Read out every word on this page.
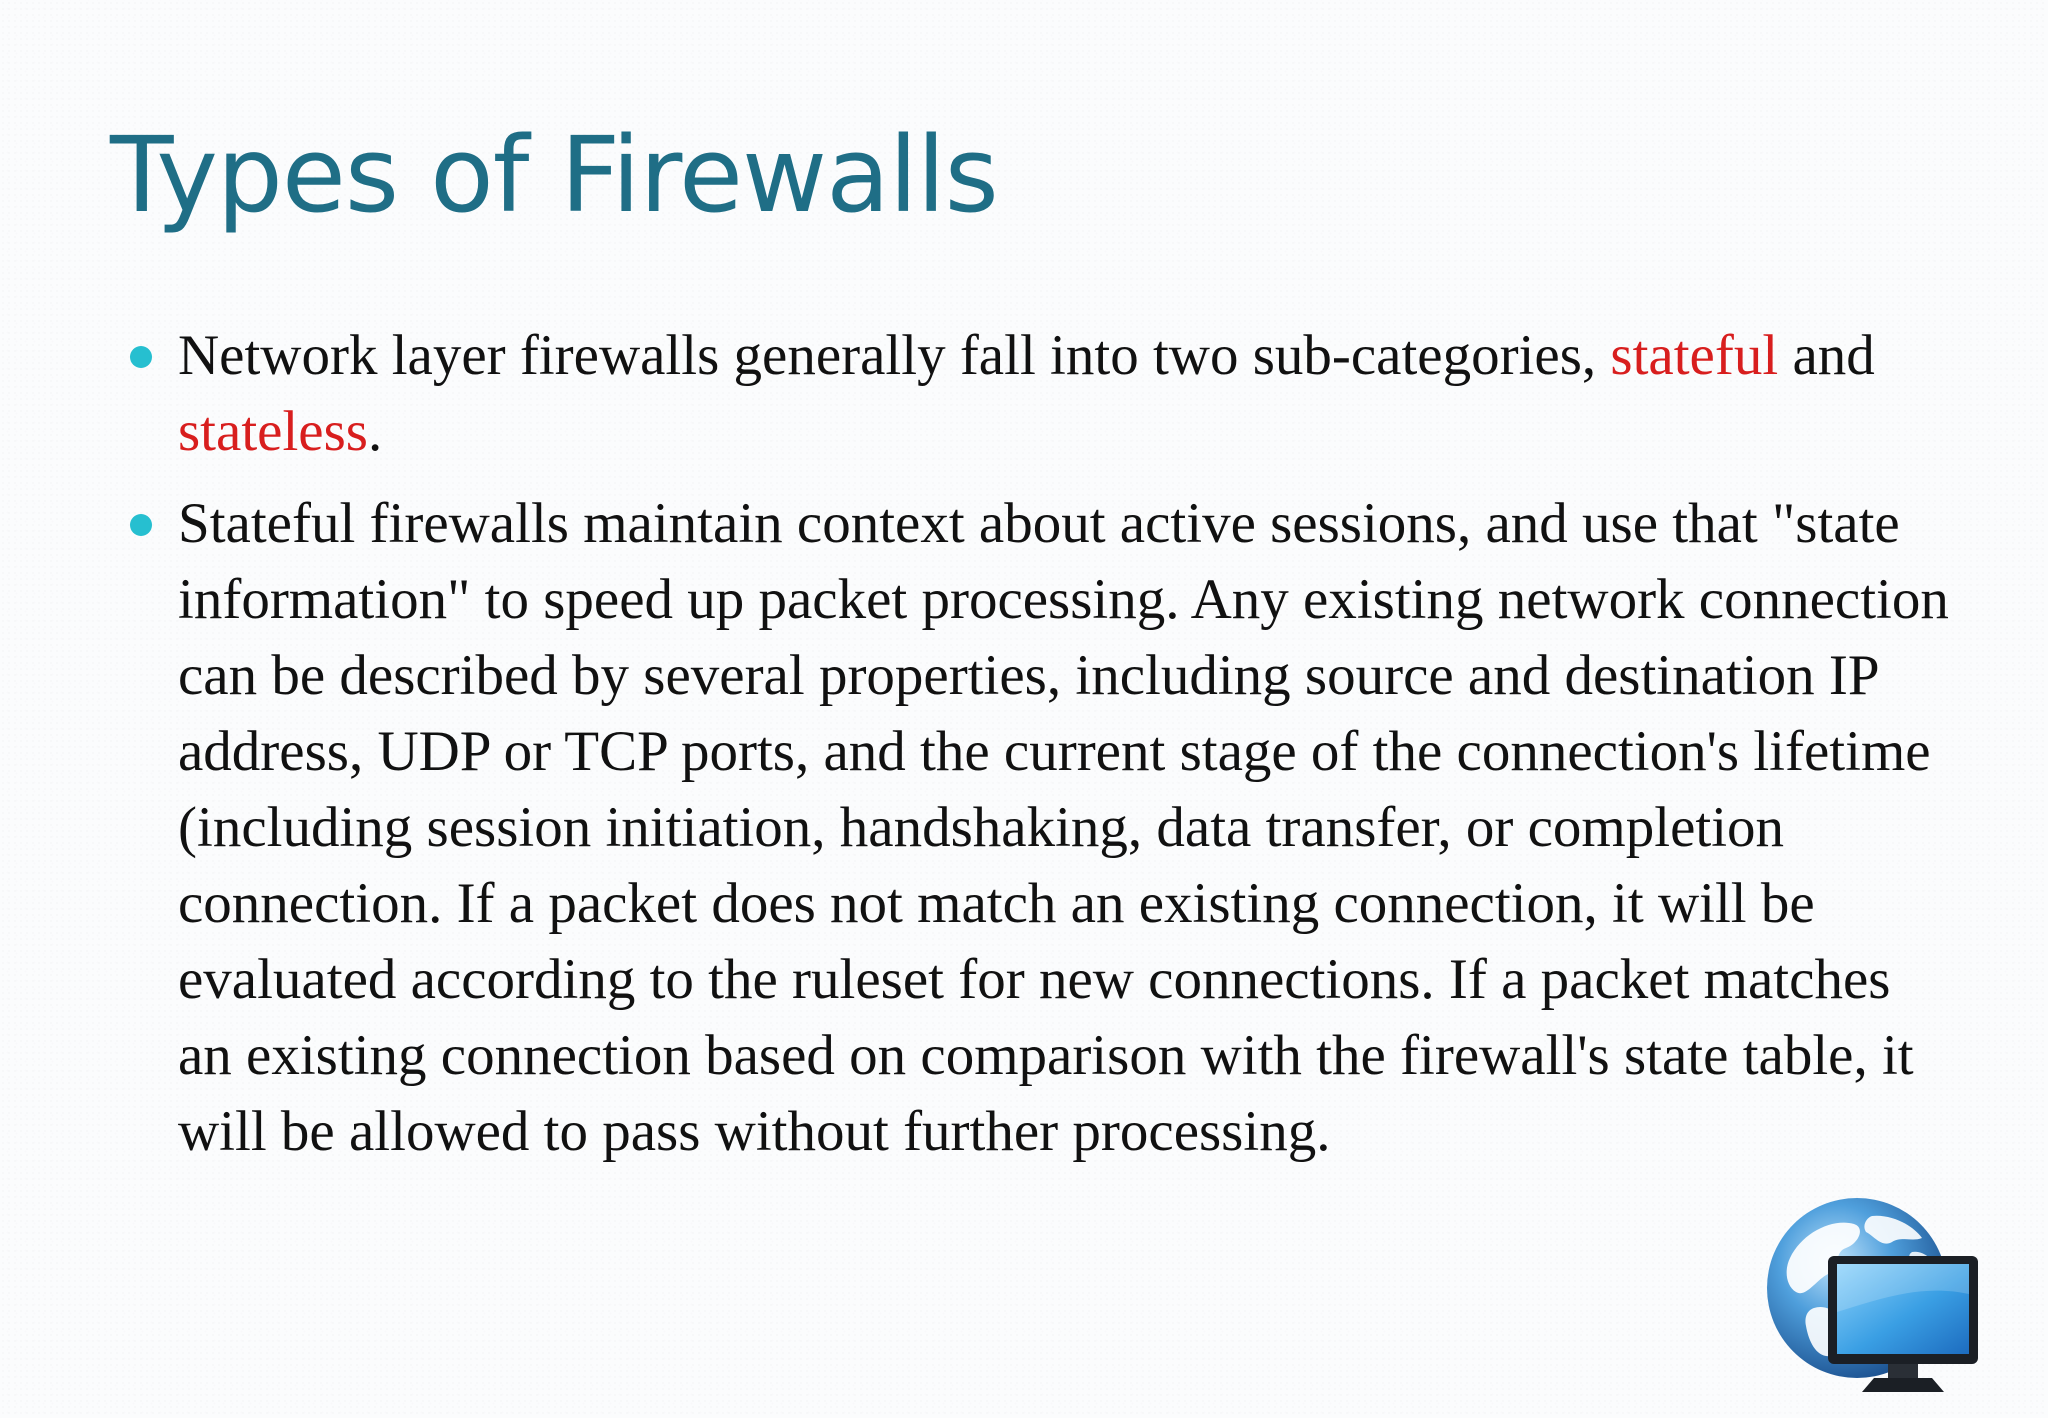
Types of Firewalls
Network layer firewalls generally fall into two sub-categories, stateful and stateless.
Stateful firewalls maintain context about active sessions, and use that "state information" to speed up packet processing. Any existing network connection can be described by several properties, including source and destination IP address, UDP or TCP ports, and the current stage of the connection's lifetime (including session initiation, handshaking, data transfer, or completion connection. If a packet does not match an existing connection, it will be evaluated according to the ruleset for new connections. If a packet matches an existing connection based on comparison with the firewall's state table, it will be allowed to pass without further processing.
